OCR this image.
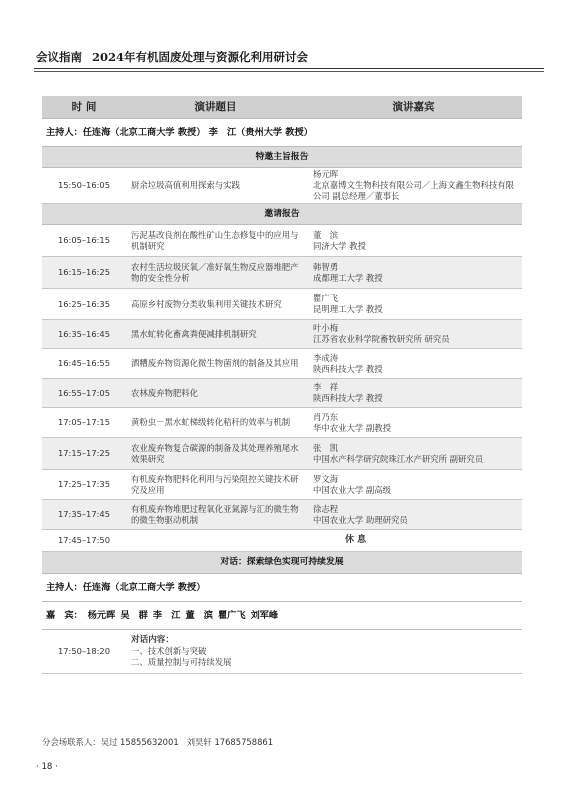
会议指南 2024年有机固废处理与资源化利用研讨会
时 间	演讲题目	演讲嘉宾
主持人：任连海（北京工商大学 教授） 李　江（贵州大学 教授）		
特邀主旨报告		
15:50–16:05	厨余垃圾高值利用探索与实践	杨元晖
北京嘉博文生物科技有限公司／上海文鑫生物科技有限公司 副总经理／董事长

邀请报告		
16:05–16:15	污泥基改良剂在酸性矿山生态修复中的应用与机制研究	董　滨
同济大学 教授

16:15–16:25	农村生活垃圾厌氧／准好氧生物反应器堆肥产物的安全性分析	韩智勇
成都理工大学 教授

16:25–16:35	高原乡村废物分类收集利用关键技术研究	瞿广飞
昆明理工大学 教授

16:35–16:45	黑水虻转化畜禽粪便减排机制研究	叶小梅
江苏省农业科学院畜牧研究所 研究员

16:45–16:55	酒糟废弃物资源化微生物菌剂的制备及其应用	李成涛
陕西科技大学 教授

16:55–17:05	农林废弃物肥料化	李　祥
陕西科技大学 教授

17:05–17:15	黄粉虫－黑水虻梯级转化秸秆的效率与机制	肖乃东
华中农业大学 副教授

17:15–17:25	农业废弃物复合碳源的制备及其处理养殖尾水效果研究	张　凯
中国水产科学研究院珠江水产研究所 副研究员

17:25–17:35	有机废弃物肥料化利用与污染阻控关键技术研究及应用	罗文海
中国农业大学 副高级

17:35–17:45	有机废弃物堆肥过程氧化亚氮源与汇的微生物的微生物驱动机制	徐志程
中国农业大学 助理研究员

17:45–17:50		休 息
对话：探索绿色实现可持续发展		
主持人：任连海（北京工商大学 教授）		
嘉　宾： 杨元晖 吴　群 李　江 董　滨 瞿广飞 刘军峰		
17:50–18:20	对话内容：
一、技术创新与突破
二、质量控制与可持续发展	
分会场联系人：吴过 15855632001 刘昊轩 17685758861
· 18 ·
